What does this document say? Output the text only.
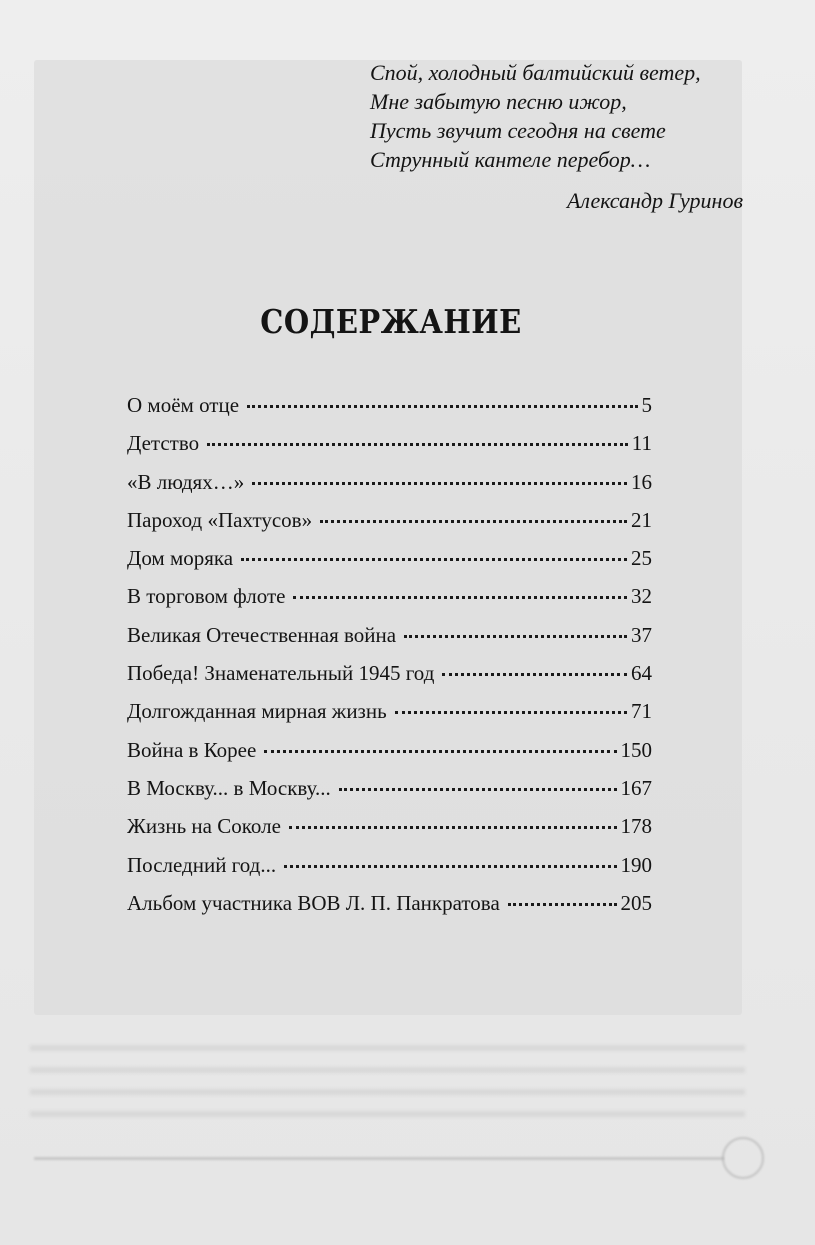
Спой, холодный балтийский ветер,
Мне забытую песню ижор,
Пусть звучит сегодня на свете
Струнный кантеле перебор…
Александр Гуринов
СОДЕРЖАНИЕ
О моём отце	5
Детство	11
«В людях…»	16
Пароход «Пахтусов»	21
Дом моряка	25
В торговом флоте	32
Великая Отечественная война	37
Победа! Знаменательный 1945 год	64
Долгожданная мирная жизнь	71
Война в Корее	150
В Москву... в Москву...	167
Жизнь на Соколе	178
Последний год...	190
Альбом участника ВОВ Л. П. Панкратова	205
